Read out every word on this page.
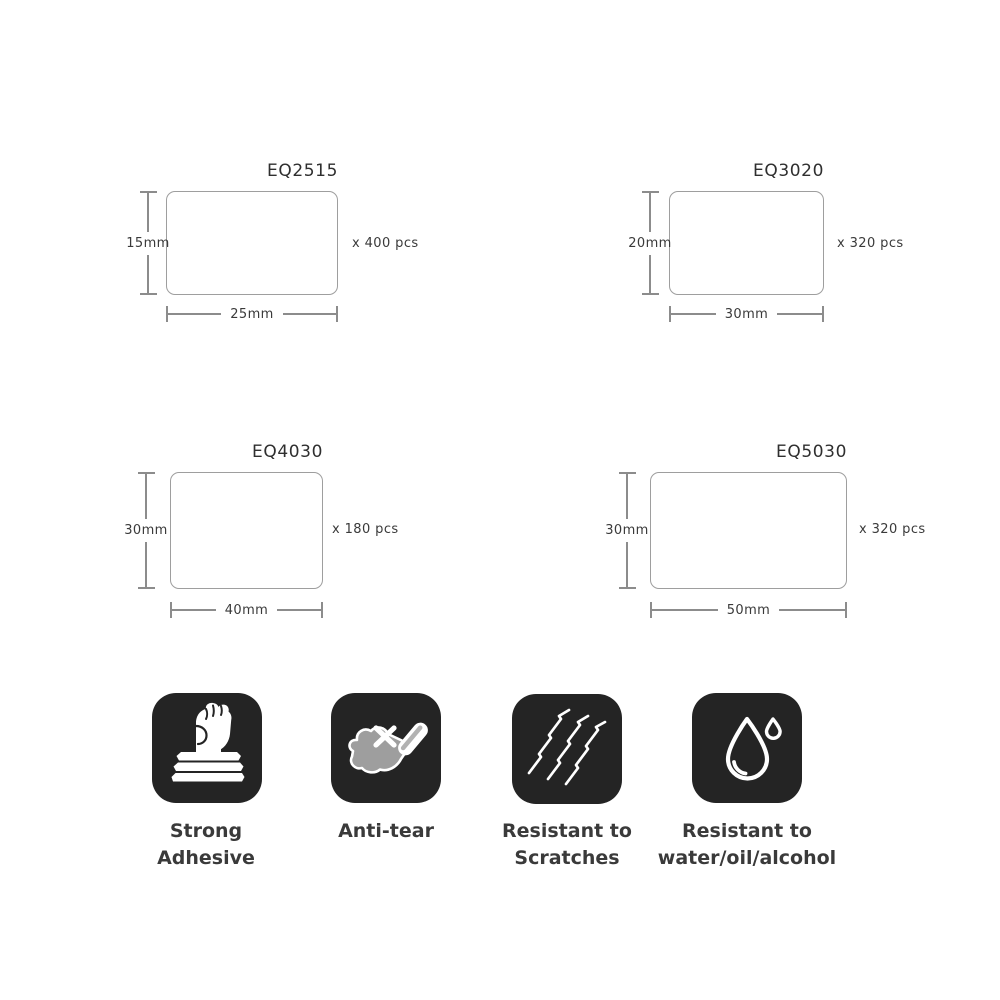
EQ2515
15mm
25mm
x 400 pcs
EQ3020
20mm
30mm
x 320 pcs
EQ4030
30mm
40mm
x 180 pcs
EQ5030
30mm
50mm
x 320 pcs
Strong
Adhesive
Anti-tear	Resistant to
Scratches
Resistant to
water/oil/alcohol
